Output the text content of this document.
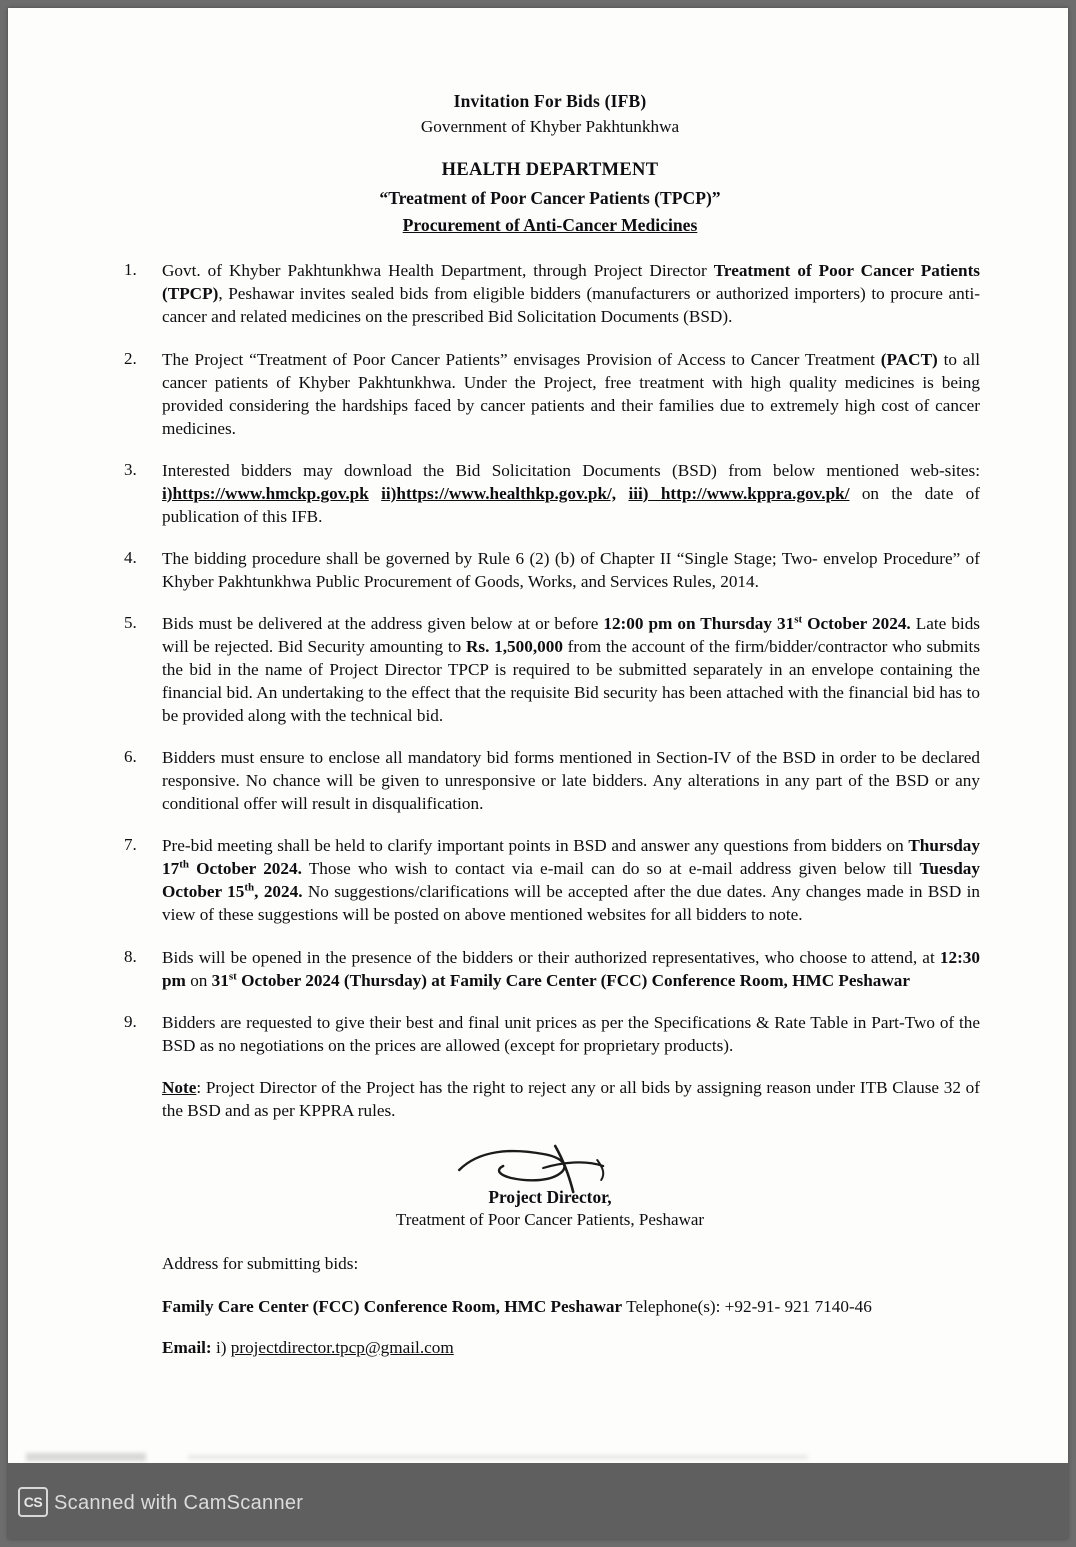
Invitation For Bids (IFB)
Government of Khyber Pakhtunkhwa
HEALTH DEPARTMENT
“Treatment of Poor Cancer Patients (TPCP)”
Procurement of Anti-Cancer Medicines
1.	Govt. of Khyber Pakhtunkhwa Health Department, through Project Director Treatment of Poor Cancer Patients (TPCP), Peshawar invites sealed bids from eligible bidders (manufacturers or authorized importers) to procure anti-cancer and related medicines on the prescribed Bid Solicitation Documents (BSD).
2.	The Project “Treatment of Poor Cancer Patients” envisages Provision of Access to Cancer Treatment (PACT) to all cancer patients of Khyber Pakhtunkhwa. Under the Project, free treatment with high quality medicines is being provided considering the hardships faced by cancer patients and their families due to extremely high cost of cancer medicines.
3.	Interested bidders may download the Bid Solicitation Documents (BSD) from below mentioned web-sites: i)https://www.hmckp.gov.pk ii)https://www.healthkp.gov.pk/, iii) http://www.kppra.gov.pk/ on the date of publication of this IFB.
4.	The bidding procedure shall be governed by Rule 6 (2) (b) of Chapter II “Single Stage; Two- envelop Procedure” of Khyber Pakhtunkhwa Public Procurement of Goods, Works, and Services Rules, 2014.
5.	Bids must be delivered at the address given below at or before 12:00 pm on Thursday 31st October 2024. Late bids will be rejected. Bid Security amounting to Rs. 1,500,000 from the account of the firm/bidder/contractor who submits the bid in the name of Project Director TPCP is required to be submitted separately in an envelope containing the financial bid. An undertaking to the effect that the requisite Bid security has been attached with the financial bid has to be provided along with the technical bid.
6.	Bidders must ensure to enclose all mandatory bid forms mentioned in Section-IV of the BSD in order to be declared responsive. No chance will be given to unresponsive or late bidders. Any alterations in any part of the BSD or any conditional offer will result in disqualification.
7.	Pre-bid meeting shall be held to clarify important points in BSD and answer any questions from bidders on Thursday 17th October 2024. Those who wish to contact via e-mail can do so at e-mail address given below till Tuesday October 15th, 2024. No suggestions/clarifications will be accepted after the due dates. Any changes made in BSD in view of these suggestions will be posted on above mentioned websites for all bidders to note.
8.	Bids will be opened in the presence of the bidders or their authorized representatives, who choose to attend, at 12:30 pm on 31st October 2024 (Thursday) at Family Care Center (FCC) Conference Room, HMC Peshawar
9.	Bidders are requested to give their best and final unit prices as per the Specifications & Rate Table in Part-Two of the BSD as no negotiations on the prices are allowed (except for proprietary products).
Note: Project Director of the Project has the right to reject any or all bids by assigning reason under ITB Clause 32 of the BSD and as per KPPRA rules.
Project Director,
Treatment of Poor Cancer Patients, Peshawar
Address for submitting bids:
Family Care Center (FCC) Conference Room, HMC Peshawar Telephone(s): +92-91- 921 7140-46
Email: i) projectdirector.tpcp@gmail.com
CS Scanned with CamScanner
